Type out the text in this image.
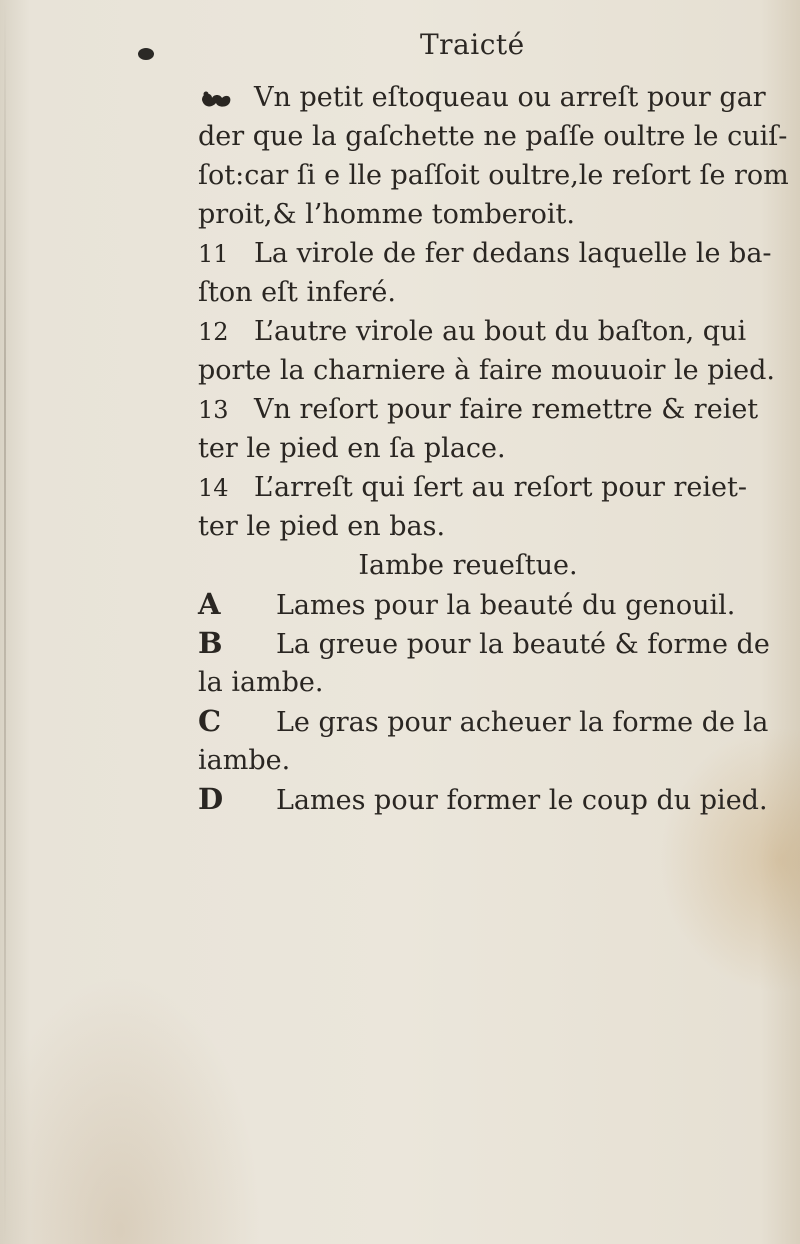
Traicté
Vn petit eſtoqueau ou arreſt pour gar
der que la gaſchette ne paſſe oultre le cuiſ-
ſot:car ſi e lle paſſoit oultre,le reſort ſe rom
proit,& l’homme tomberoit.
11 La virole de fer dedans laquelle le ba-
ſton eſt inferé.
12 L’autre virole au bout du baſton, qui
porte la charniere à faire mouuoir le pied.
13 Vn reſort pour faire remettre & reiet
ter le pied en ſa place.
14 L’arreſt qui ſert au reſort pour reiet-
ter le pied en bas.
Iambe reueſtue.
A Lames pour la beauté du genouil.
B La greue pour la beauté & forme de
la iambe.
C Le gras pour acheuer la forme de la
iambe.
D Lames pour former le coup du pied.
